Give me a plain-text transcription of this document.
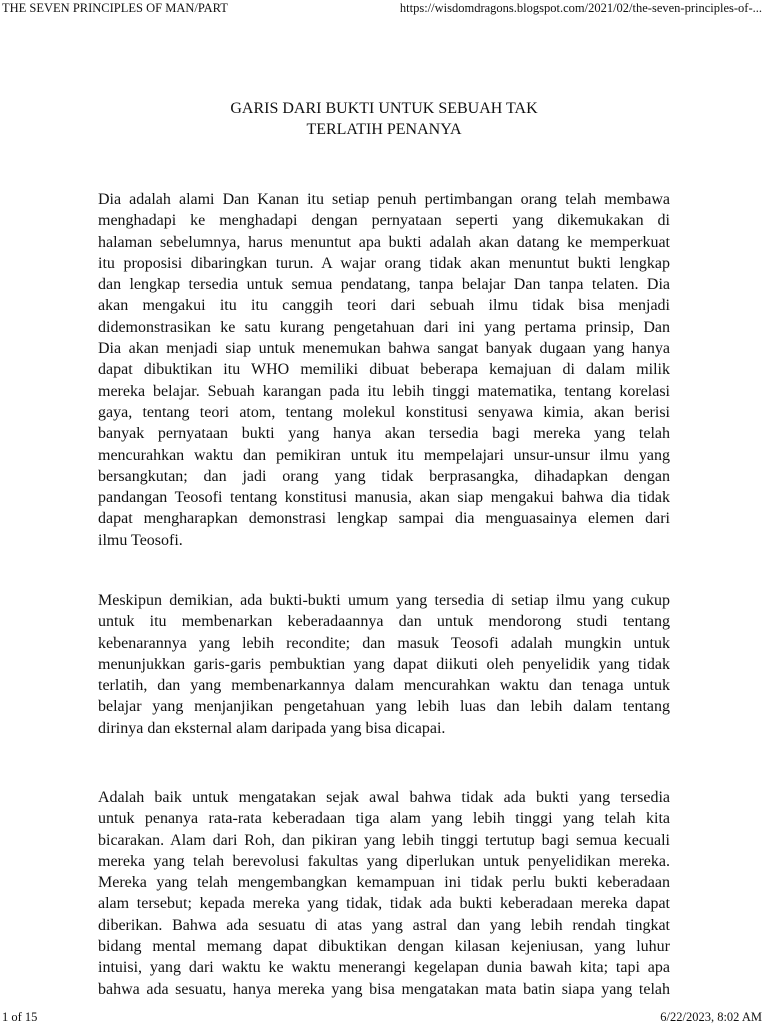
THE SEVEN PRINCIPLES OF MAN/PART	https://wisdomdragons.blogspot.com/2021/02/the-seven-principles-of-...
GARIS DARI BUKTI UNTUK SEBUAH TAK
TERLATIH PENANYA
Dia adalah alami Dan Kanan itu setiap penuh pertimbangan orang telah membawa
menghadapi ke menghadapi dengan pernyataan seperti yang dikemukakan di
halaman sebelumnya, harus menuntut apa bukti adalah akan datang ke memperkuat
itu proposisi dibaringkan turun. A wajar orang tidak akan menuntut bukti lengkap
dan lengkap tersedia untuk semua pendatang, tanpa belajar Dan tanpa telaten. Dia
akan mengakui itu itu canggih teori dari sebuah ilmu tidak bisa menjadi
didemonstrasikan ke satu kurang pengetahuan dari ini yang pertama prinsip, Dan
Dia akan menjadi siap untuk menemukan bahwa sangat banyak dugaan yang hanya
dapat dibuktikan itu WHO memiliki dibuat beberapa kemajuan di dalam milik
mereka belajar. Sebuah karangan pada itu lebih tinggi matematika, tentang korelasi
gaya, tentang teori atom, tentang molekul konstitusi senyawa kimia, akan berisi
banyak pernyataan bukti yang hanya akan tersedia bagi mereka yang telah
mencurahkan waktu dan pemikiran untuk itu mempelajari unsur-unsur ilmu yang
bersangkutan; dan jadi orang yang tidak berprasangka, dihadapkan dengan
pandangan Teosofi tentang konstitusi manusia, akan siap mengakui bahwa dia tidak
dapat mengharapkan demonstrasi lengkap sampai dia menguasainya elemen dari
ilmu Teosofi.
Meskipun demikian, ada bukti-bukti umum yang tersedia di setiap ilmu yang cukup
untuk itu membenarkan keberadaannya dan untuk mendorong studi tentang
kebenarannya yang lebih recondite; dan masuk Teosofi adalah mungkin untuk
menunjukkan garis-garis pembuktian yang dapat diikuti oleh penyelidik yang tidak
terlatih, dan yang membenarkannya dalam mencurahkan waktu dan tenaga untuk
belajar yang menjanjikan pengetahuan yang lebih luas dan lebih dalam tentang
dirinya dan eksternal alam daripada yang bisa dicapai.
Adalah baik untuk mengatakan sejak awal bahwa tidak ada bukti yang tersedia
untuk penanya rata-rata keberadaan tiga alam yang lebih tinggi yang telah kita
bicarakan. Alam dari Roh, dan pikiran yang lebih tinggi tertutup bagi semua kecuali
mereka yang telah berevolusi fakultas yang diperlukan untuk penyelidikan mereka.
Mereka yang telah mengembangkan kemampuan ini tidak perlu bukti keberadaan
alam tersebut; kepada mereka yang tidak, tidak ada bukti keberadaan mereka dapat
diberikan. Bahwa ada sesuatu di atas yang astral dan yang lebih rendah tingkat
bidang mental memang dapat dibuktikan dengan kilasan kejeniusan, yang luhur
intuisi, yang dari waktu ke waktu menerangi kegelapan dunia bawah kita; tapi apa
bahwa ada sesuatu, hanya mereka yang bisa mengatakan mata batin siapa yang telah
1 of 15	6/22/2023, 8:02 AM
